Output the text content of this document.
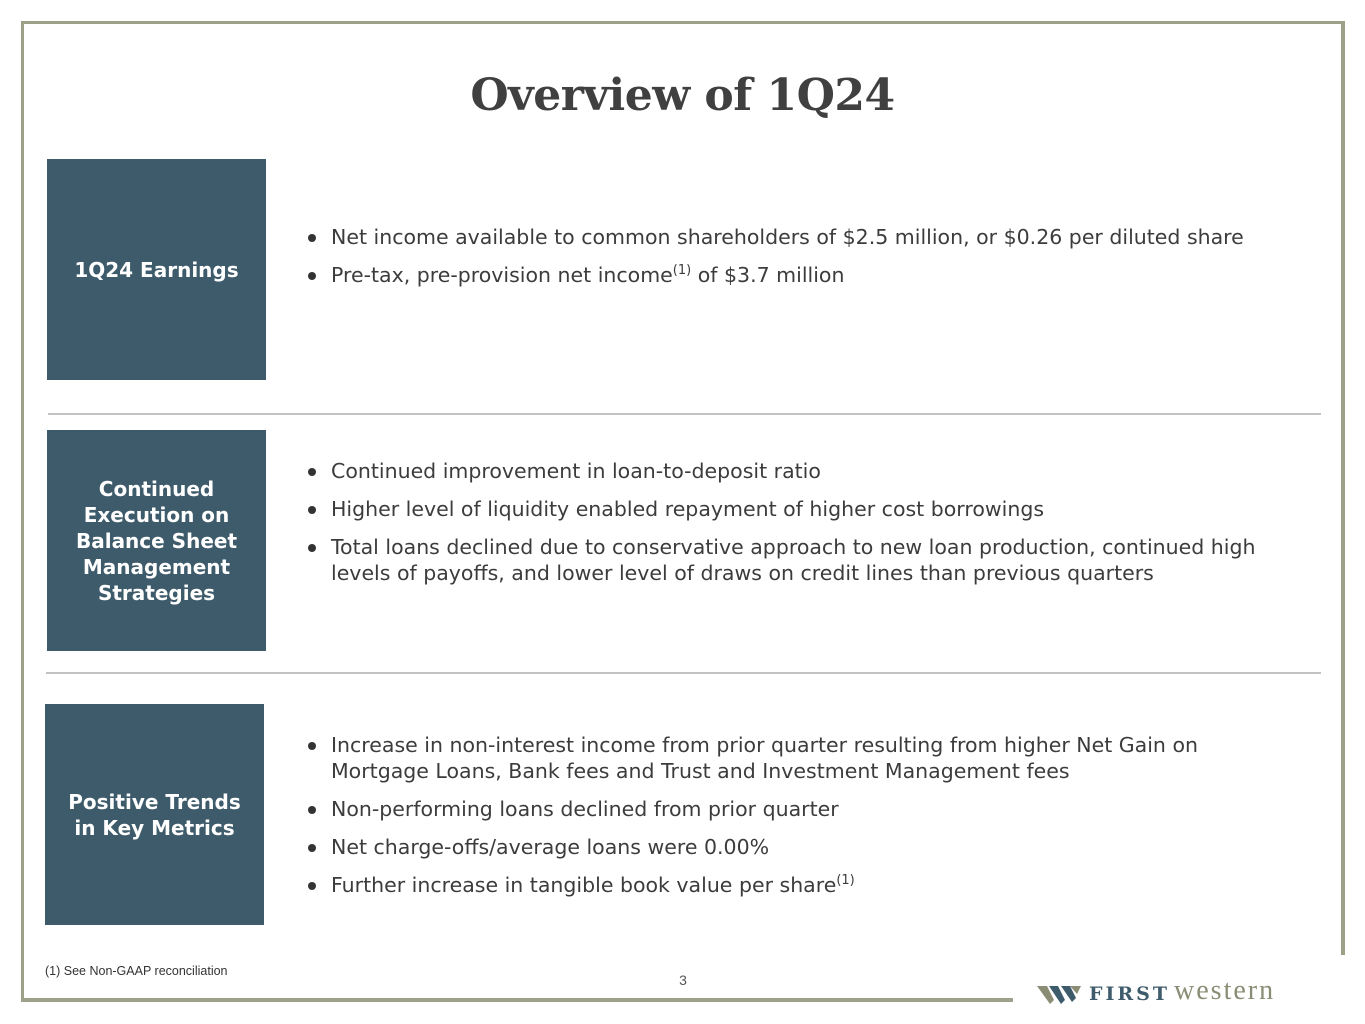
Overview of 1Q24
1Q24 Earnings
Net income available to common shareholders of $2.5 million, or $0.26 per diluted share
Pre-tax, pre-provision net income$^{(1)}$ of $3.7 million
Continued Execution on Balance Sheet Management Strategies
Continued improvement in loan-to-deposit ratio
Higher level of liquidity enabled repayment of higher cost borrowings
Total loans declined due to conservative approach to new loan production, continued high levels of payoffs, and lower level of draws on credit lines than previous quarters
Positive Trends in Key Metrics
Increase in non-interest income from prior quarter resulting from higher Net Gain on Mortgage Loans, Bank fees and Trust and Investment Management fees
Non-performing loans declined from prior quarter
Net charge-offs/average loans were 0.00%
Further increase in tangible book value per share$^{(1)}$
(1) See Non-GAAP reconciliation
3
FIRST western
